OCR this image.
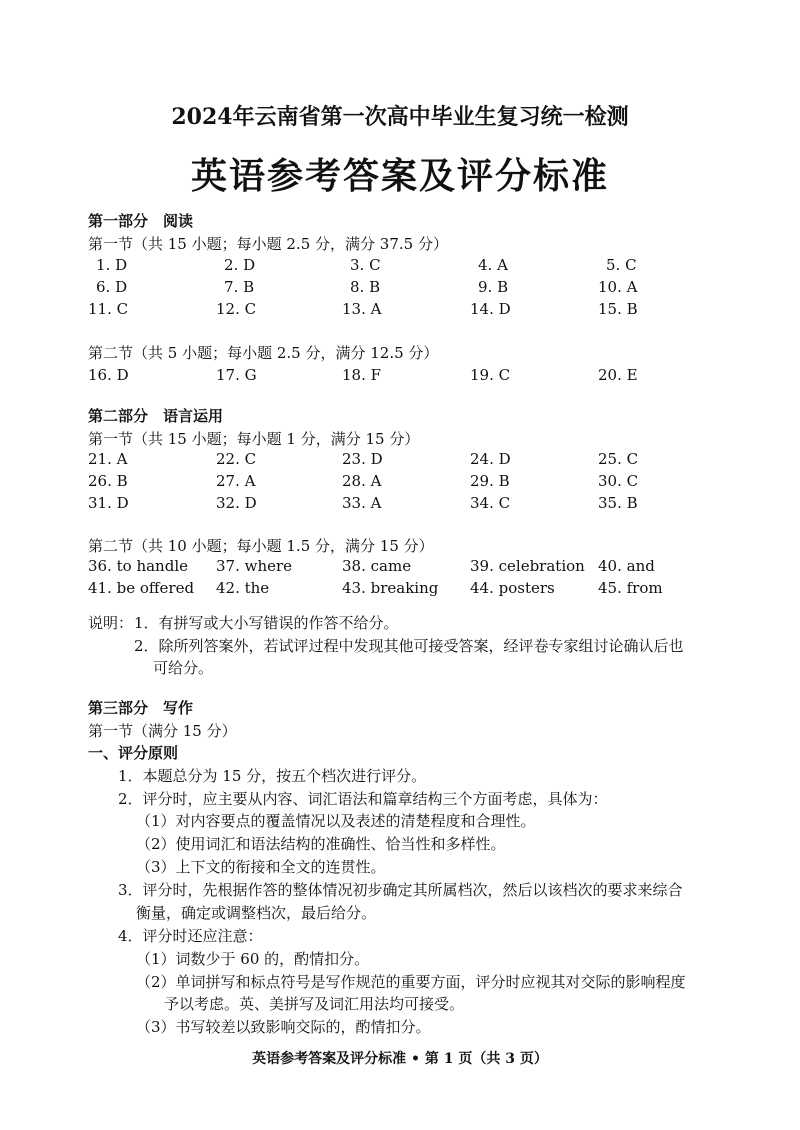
2024年云南省第一次高中毕业生复习统一检测
英语参考答案及评分标准
第一部分　阅读
第一节（共 15 小题；每小题 2.5 分，满分 37.5 分）
1. D	2. D	3. C	4. A	5. C
6. D	7. B	8. B	9. B	10. A
11. C	12. C	13. A	14. D	15. B
第二节（共 5 小题；每小题 2.5 分，满分 12.5 分）
16. D	17. G	18. F	19. C	20. E
第二部分　语言运用
第一节（共 15 小题；每小题 1 分，满分 15 分）
21. A	22. C	23. D	24. D	25. C
26. B	27. A	28. A	29. B	30. C
31. D	32. D	33. A	34. C	35. B
第二节（共 10 小题；每小题 1.5 分，满分 15 分）
36. to handle 37. where	38. came	39. celebration 40. and
41. be offered 42. the	43. breaking 44. posters	45. from
说明： 1．有拼写或大小写错误的作答不给分。
2．除所列答案外，若试评过程中发现其他可接受答案，经评卷专家组讨论确认后也
可给分。
第三部分　写作
第一节（满分 15 分）
一、评分原则
1．本题总分为 15 分，按五个档次进行评分。
2．评分时，应主要从内容、词汇语法和篇章结构三个方面考虑，具体为：
（1）对内容要点的覆盖情况以及表述的清楚程度和合理性。
（2）使用词汇和语法结构的准确性、恰当性和多样性。
（3）上下文的衔接和全文的连贯性。
3．评分时，先根据作答的整体情况初步确定其所属档次，然后以该档次的要求来综合
衡量，确定或调整档次，最后给分。
4．评分时还应注意：
（1）词数少于 60 的，酌情扣分。
（2）单词拼写和标点符号是写作规范的重要方面，评分时应视其对交际的影响程度
予以考虑。英、美拼写及词汇用法均可接受。
（3）书写较差以致影响交际的，酌情扣分。
英语参考答案及评分标准 • 第 1 页（共 3 页）
